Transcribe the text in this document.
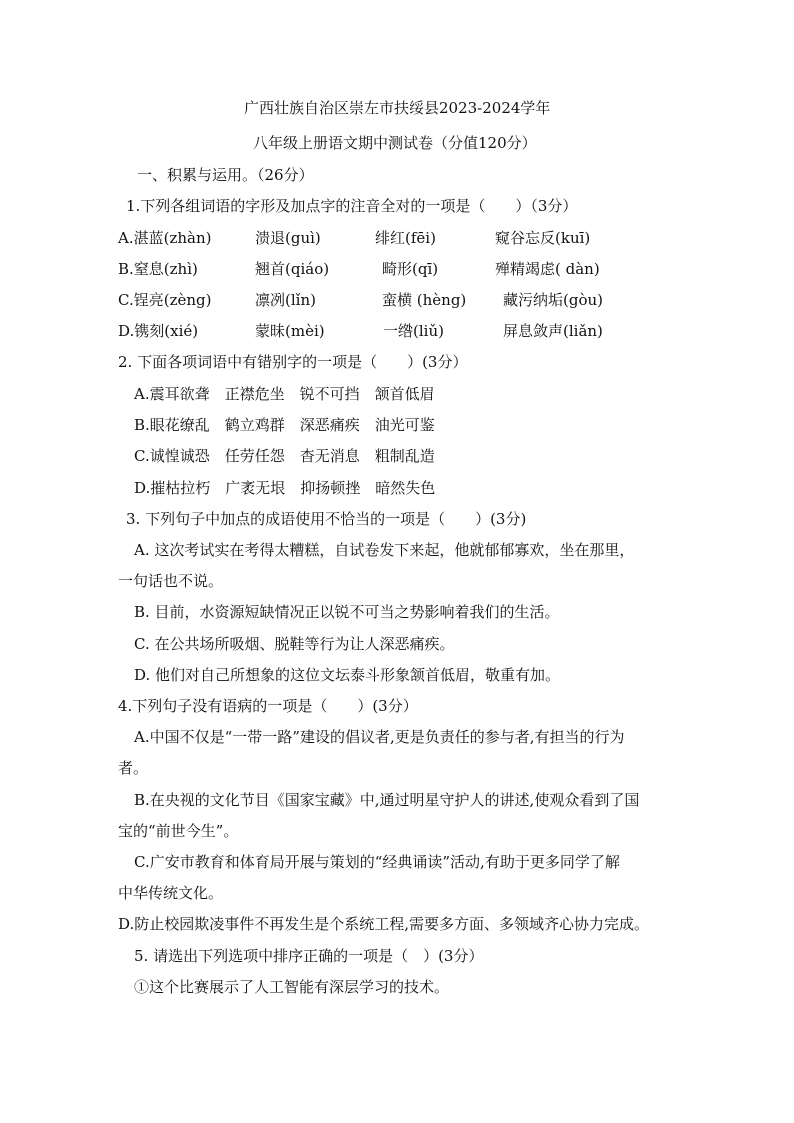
广西壮族自治区崇左市扶绥县2023-2024学年
八年级上册语文期中测试卷（分值120分）
一、积累与运用。（26分）
1.下列各组词语的字形及加点字的注音全对的一项是（　　）（3分）
A.湛蓝(zhàn)	溃退(guì)	绯红(fēi)	窥谷忘反(kuī)
B.窒息(zhì)	翘首(qiáo)	畸形(qī)	殚精竭虑( dàn)
C.锃亮(zèng)	凛冽(lǐn)	蛮横 (hèng) 藏污纳垢(gòu)
D.镌刻(xié)	蒙昧(mèi)	一绺(liǔ)	屏息敛声(liǎn)
2. 下面各项词语中有错别字的一项是（　　）(3分）
A.震耳欲聋　正襟危坐　锐不可挡　颔首低眉
B.眼花缭乱　鹤立鸡群　深恶痛疾　油光可鉴
C.诚惶诚恐　任劳任怨　杳无消息　粗制乱造
D.摧枯拉朽　广袤无垠　抑扬顿挫　暗然失色
3. 下列句子中加点的成语使用不恰当的一项是（　　）(3分)
A. 这次考试实在考得太糟糕，自试卷发下来起，他就郁郁寡欢，坐在那里，
一句话也不说。
B. 目前，水资源短缺情况正以锐不可当之势影响着我们的生活。
C. 在公共场所吸烟、脱鞋等行为让人深恶痛疾。
D. 他们对自己所想象的这位文坛泰斗形象颔首低眉，敬重有加。
4.下列句子没有语病的一项是（　　）(3分）
A.中国不仅是“一带一路”建设的倡议者,更是负责任的参与者,有担当的行为
者。
B.在央视的文化节目《国家宝藏》中,通过明星守护人的讲述,使观众看到了国
宝的“前世今生”。
C.广安市教育和体育局开展与策划的“经典诵读”活动,有助于更多同学了解
中华传统文化。
D.防止校园欺凌事件不再发生是个系统工程,需要多方面、多领域齐心协力完成。
5. 请选出下列选项中排序正确的一项是（　）(3分）
①这个比赛展示了人工智能有深层学习的技术。
